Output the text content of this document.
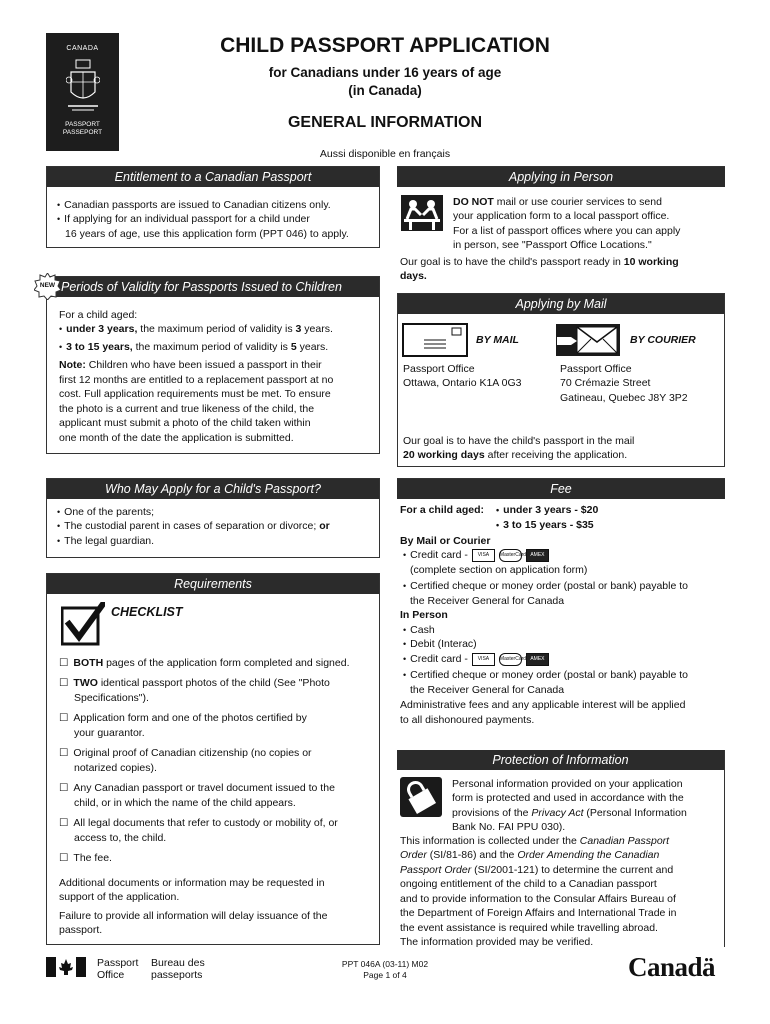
CANADA
PASSPORT
PASSEPORT
CHILD PASSPORT APPLICATION
for Canadians under 16 years of age
(in Canada)
GENERAL INFORMATION
Aussi disponible en français
Entitlement to a Canadian Passport
• Canadian passports are issued to Canadian citizens only.
• If applying for an individual passport for a child under
16 years of age, use this application form (PPT 046) to apply.
Periods of Validity for Passports Issued to Children
For a child aged:
• under 3 years, the maximum period of validity is 3 years.
• 3 to 15 years, the maximum period of validity is 5 years.
Note: Children who have been issued a passport in their
first 12 months are entitled to a replacement passport at no
cost. Full application requirements must be met. To ensure
the photo is a current and true likeness of the child, the
applicant must submit a photo of the child taken within
one month of the date the application is submitted.
NEW
Who May Apply for a Child's Passport?
• One of the parents;
• The custodial parent in cases of separation or divorce; or
• The legal guardian.
Requirements
CHECKLIST
☐ BOTH pages of the application form completed and signed.
☐ TWO identical passport photos of the child (See "Photo
Specifications").
☐ Application form and one of the photos certified by
your guarantor.
☐ Original proof of Canadian citizenship (no copies or
notarized copies).
☐ Any Canadian passport or travel document issued to the
child, or in which the name of the child appears.
☐ All legal documents that refer to custody or mobility of, or
access to, the child.
☐ The fee.
Additional documents or information may be requested in
support of the application.
Failure to provide all information will delay issuance of the
passport.
Applying in Person
DO NOT mail or use courier services to send
your application form to a local passport office.
For a list of passport offices where you can apply
in person, see "Passport Office Locations."
Our goal is to have the child's passport ready in 10 working
days.
Applying by Mail
BY MAIL	BY COURIER
Passport Office
Ottawa, Ontario K1A 0G3
Passport Office
70 Crémazie Street
Gatineau, Quebec J8Y 3P2
Our goal is to have the child's passport in the mail
20 working days after receiving the application.
Fee
For a child aged:
•	under 3 years - $20
• 3 to 15 years - $35
By Mail or Courier
• Credit card - VISA MasterCard AMEX
(complete section on application form)
• Certified cheque or money order (postal or bank) payable to
the Receiver General for Canada
In Person
• Cash
• Debit (Interac)
• Credit card - VISA MasterCard AMEX
• Certified cheque or money order (postal or bank) payable to
the Receiver General for Canada
Administrative fees and any applicable interest will be applied
to all dishonoured payments.
Protection of Information
Personal information provided on your application
form is protected and used in accordance with the
provisions of the Privacy Act (Personal Information
Bank No. FAI PPU 030).
This information is collected under the Canadian Passport
Order (SI/81-86) and the Order Amending the Canadian
Passport Order (SI/2001-121) to determine the current and
ongoing entitlement of the child to a Canadian passport
and to provide information to the Consular Affairs Bureau of
the Department of Foreign Affairs and International Trade in
the event assistance is required while travelling abroad.
The information provided may be verified.
Passport
Office
Bureau des
passeports
PPT 046A (03-11) M02
Page 1 of 4	Canadä
